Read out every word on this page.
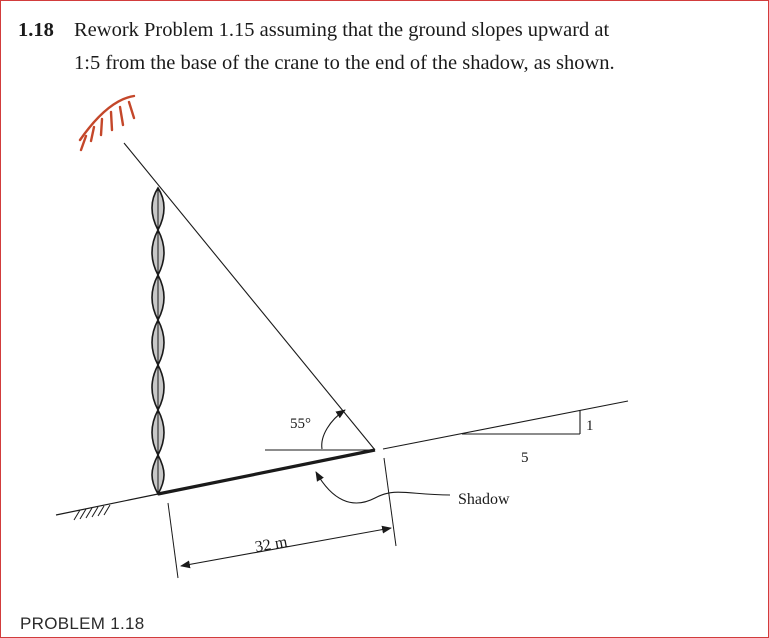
1.18 Rework Problem 1.15 assuming that the ground slopes upward at
1:5 from the base of the crane to the end of the shadow, as shown.
5
1
55°
Shadow
32 m
PROBLEM 1.18
